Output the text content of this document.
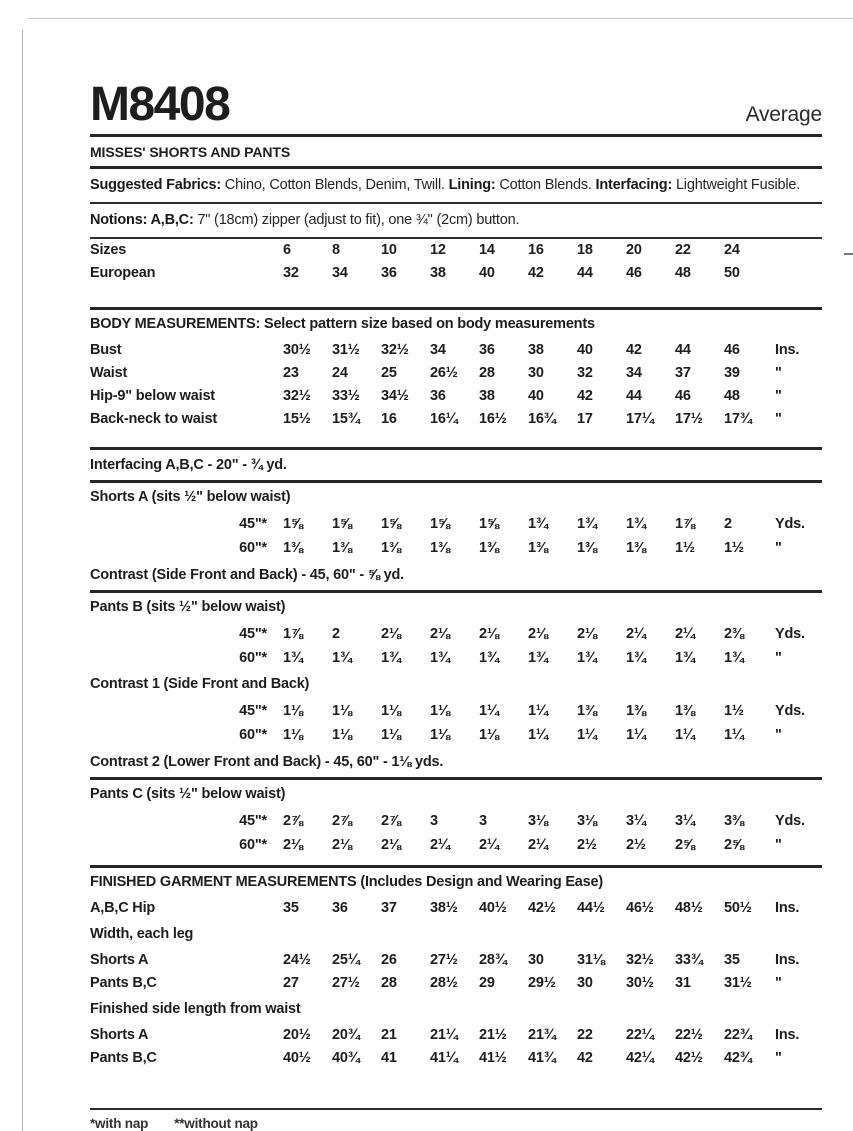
M8408	Average
MISSES' SHORTS AND PANTS
Suggested Fabrics: Chino, Cotton Blends, Denim, Twill. Lining: Cotton Blends. Interfacing: Lightweight Fusible.
Notions: A,B,C: 7" (18cm) zipper (adjust to fit), one ¾" (2cm) button.
Sizes	6	8	10	12	14	16	18	20	22	24
European	32	34	36	38	40	42	44	46	48	50
BODY MEASUREMENTS: Select pattern size based on body measurements
Bust	30½	31½	32½	34	36	38	40	42	44	46	Ins.
Waist	23	24	25	26½	28	30	32	34	37	39	"
Hip-9" below waist	32½	33½	34½	36	38	40	42	44	46	48	"
Back-neck to waist	15½	15¾	16	16¼	16½	16¾	17	17¼	17½	17¾	"
Interfacing A,B,C - 20" - ¾ yd.
Shorts A (sits ½" below waist)
45"*	1⅝	1⅝	1⅝	1⅝	1⅝	1¾	1¾	1¾	1⅞	2	Yds.
60"*	1⅜	1⅜	1⅜	1⅜	1⅜	1⅜	1⅜	1⅜	1½	1½	"
Contrast (Side Front and Back) - 45, 60" - ⅝ yd.
Pants B (sits ½" below waist)
45"*	1⅞	2	2⅛	2⅛	2⅛	2⅛	2⅛	2¼	2¼	2⅜	Yds.
60"*	1¾	1¾	1¾	1¾	1¾	1¾	1¾	1¾	1¾	1¾	"
Contrast 1 (Side Front and Back)
45"*	1⅛	1⅛	1⅛	1⅛	1¼	1¼	1⅜	1⅜	1⅜	1½	Yds.
60"*	1⅛	1⅛	1⅛	1⅛	1⅛	1¼	1¼	1¼	1¼	1¼	"
Contrast 2 (Lower Front and Back) - 45, 60" - 1⅛ yds.
Pants C (sits ½" below waist)
45"*	2⅞	2⅞	2⅞	3	3	3⅛	3⅛	3¼	3¼	3⅜	Yds.
60"*	2⅛	2⅛	2⅛	2¼	2¼	2¼	2½	2½	2⅝	2⅝	"
FINISHED GARMENT MEASUREMENTS (Includes Design and Wearing Ease)
A,B,C Hip	35	36	37	38½	40½	42½	44½	46½	48½	50½	Ins.
Width, each leg
Shorts A	24½	25¼	26	27½	28¾	30	31⅛	32½	33¾	35	Ins.
Pants B,C	27	27½	28	28½	29	29½	30	30½	31	31½	"
Finished side length from waist
Shorts A	20½	20¾	21	21¼	21½	21¾	22	22¼	22½	22¾	Ins.
Pants B,C	40½	40¾	41	41¼	41½	41¾	42	42¼	42½	42¾	"
*with nap **without nap
